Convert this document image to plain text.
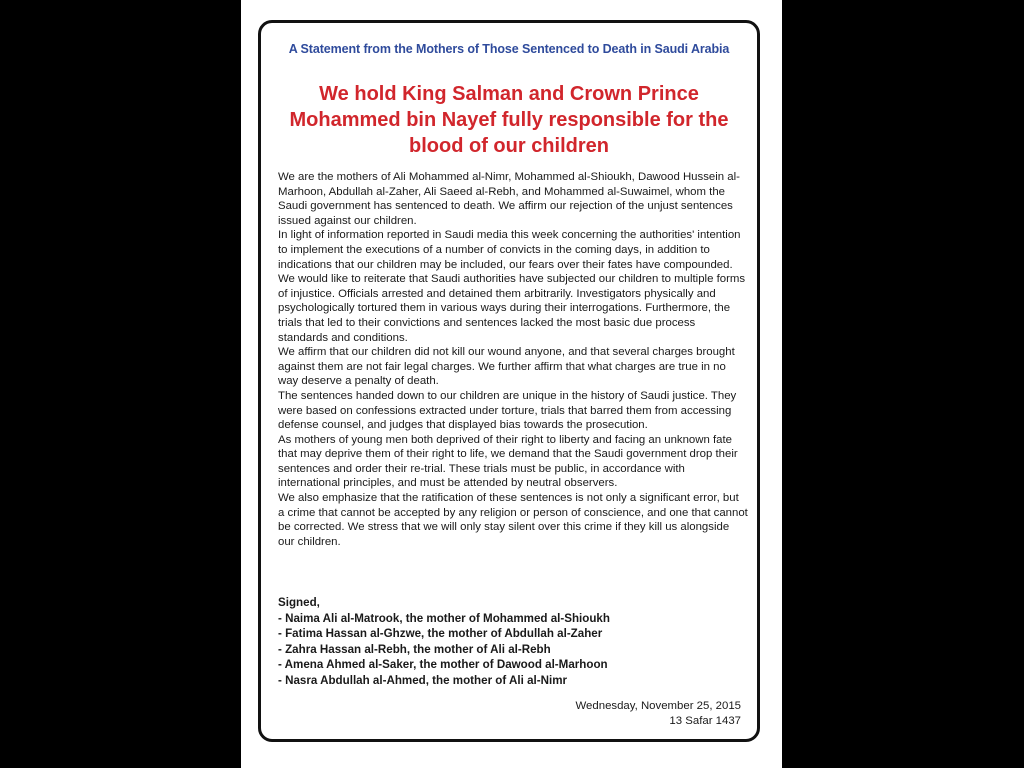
A Statement from the Mothers of Those Sentenced to Death in Saudi Arabia
We hold King Salman and Crown Prince
Mohammed bin Nayef fully responsible for the
blood of our children

We are the mothers of Ali Mohammed al-Nimr, Mohammed al-Shioukh, Dawood Hussein al-Marhoon, Abdullah al-Zaher, Ali Saeed al-Rebh, and Mohammed al-Suwaimel, whom the Saudi government has sentenced to death. We affirm our rejection of the unjust sentences issued against our children.

In light of information reported in Saudi media this week concerning the authorities' intention to implement the executions of a number of convicts in the coming days, in addition to indications that our children may be included, our fears over their fates have compounded.

We would like to reiterate that Saudi authorities have subjected our children to multiple forms of injustice. Officials arrested and detained them arbitrarily. Investigators physically and psychologically tortured them in various ways during their interrogations. Furthermore, the trials that led to their convictions and sentences lacked the most basic due process standards and conditions.

We affirm that our children did not kill our wound anyone, and that several charges brought against them are not fair legal charges. We further affirm that what charges are true in no way deserve a penalty of death.

The sentences handed down to our children are unique in the history of Saudi justice. They were based on confessions extracted under torture, trials that barred them from accessing defense counsel, and judges that displayed bias towards the prosecution.

As mothers of young men both deprived of their right to liberty and facing an unknown fate that may deprive them of their right to life, we demand that the Saudi government drop their sentences and order their re-trial. These trials must be public, in accordance with international principles, and must be attended by neutral observers.

We also emphasize that the ratification of these sentences is not only a significant error, but a crime that cannot be accepted by any religion or person of conscience, and one that cannot be corrected. We stress that we will only stay silent over this crime if they kill us alongside our children.

Signed,
- Naima Ali al-Matrook, the mother of Mohammed al-Shioukh
- Fatima Hassan al-Ghzwe, the mother of Abdullah al-Zaher
- Zahra Hassan al-Rebh, the mother of Ali al-Rebh
- Amena Ahmed al-Saker, the mother of Dawood al-Marhoon
- Nasra Abdullah al-Ahmed, the mother of Ali al-Nimr
Wednesday, November 25, 2015
13 Safar 1437
